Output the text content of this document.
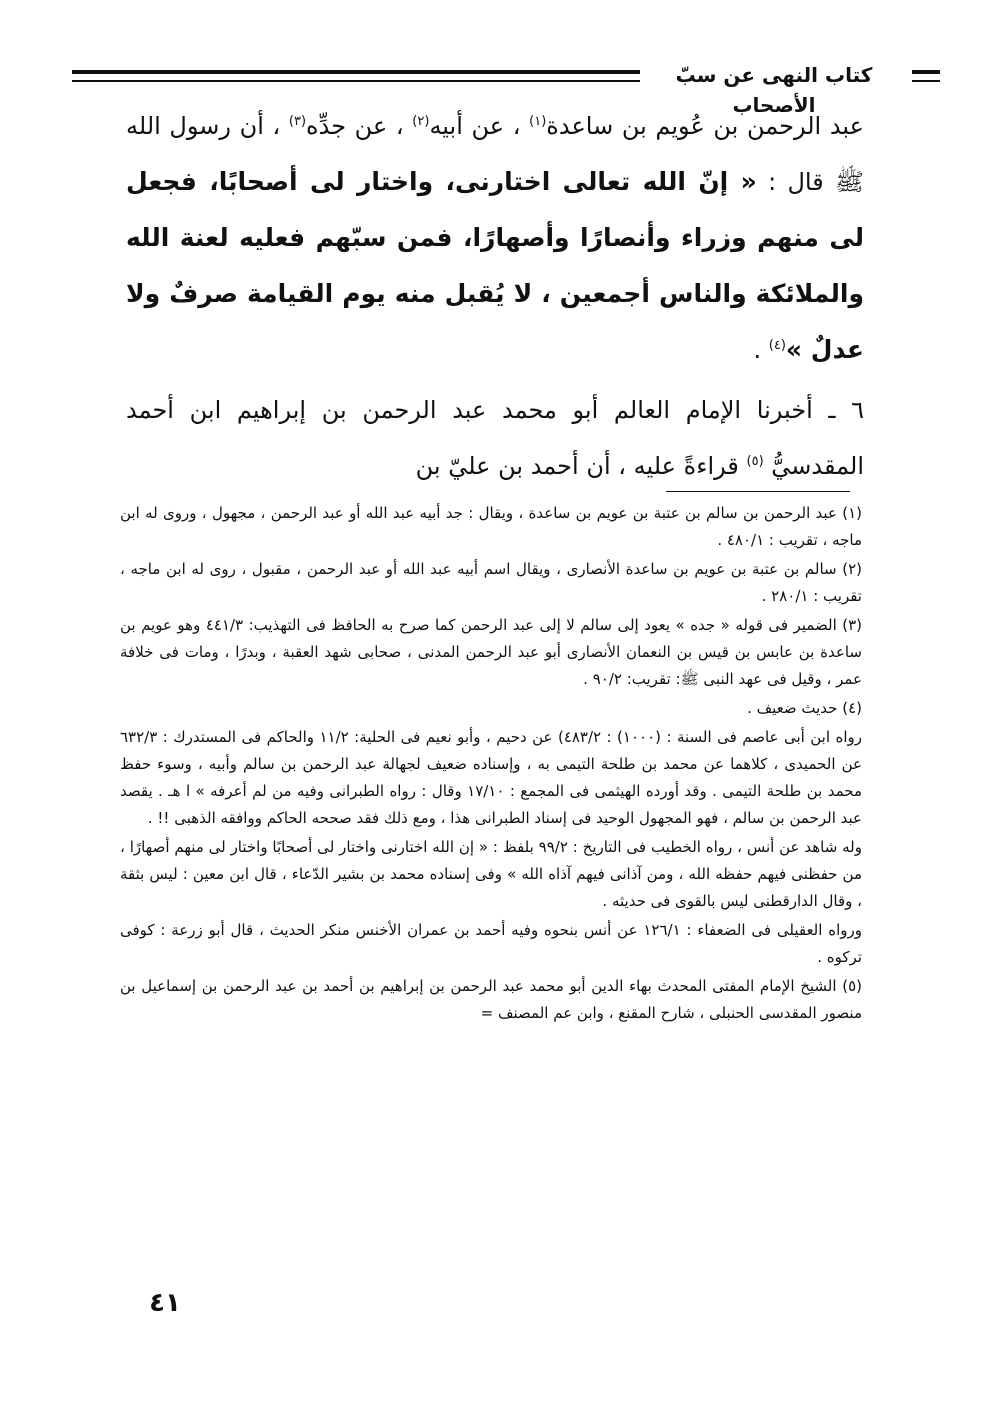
كتاب النهى عن سبّ الأصحاب

عبد الرحمن بن عُويم بن ساعدة$^{(١)}$ ، عن أبيه$^{(٢)}$ ، عن جدِّه$^{(٣)}$ ، أن رسول الله ﷺ قال : « إنّ الله تعالى اختارنى، واختار لى أصحابًا، فجعل لى منهم وزراء وأنصارًا وأصهارًا، فمن سبّهم فعليه لعنة الله والملائكة والناس أجمعين ، لا يُقبل منه يوم القيامة صرفٌ ولا عدلٌ »$^{(٤)}$ .

٦ ـ أخبرنا الإمام العالم أبو محمد عبد الرحمن بن إبراهيم ابن أحمد المقدسيُّ $^{(٥)}$ قراءةً عليه ، أن أحمد بن عليّ بن

(١) عبد الرحمن بن سالم بن عتبة بن عويم بن ساعدة ، ويقال : جد أبيه عبد الله أو عبد الرحمن ، مجهول ، وروى له ابن ماجه ، تقريب : ٤٨٠/١ .

(٢) سالم بن عتبة بن عويم بن ساعدة الأنصارى ، ويقال اسم أبيه عبد الله أو عبد الرحمن ، مقبول ، روى له ابن ماجه ، تقريب : ٢٨٠/١ .

(٣) الضمير فى قوله « جده » يعود إلى سالم لا إلى عبد الرحمن كما صرح به الحافظ فى التهذيب: ٤٤١/٣ وهو عويم بن ساعدة بن عابس بن قيس بن النعمان الأنصارى أبو عبد الرحمن المدنى ، صحابى شهد العقبة ، وبدرًا ، ومات فى خلافة عمر ، وقيل فى عهد النبى ﷺ: تقريب: ٩٠/٢ .

(٤) حديث ضعيف .

رواه ابن أبى عاصم فى السنة : (١٠٠٠) : ٤٨٣/٢) عن دحيم ، وأبو نعيم فى الحلية: ١١/٢ والحاكم فى المستدرك : ٦٣٢/٣ عن الحميدى ، كلاهما عن محمد بن طلحة التيمى به ، وإسناده ضعيف لجهالة عبد الرحمن بن سالم وأبيه ، وسوء حفظ محمد بن طلحة التيمى . وقد أورده الهيثمى فى المجمع : ١٧/١٠ وقال : رواه الطبرانى وفيه من لم أعرفه » ا هـ . يقصد عبد الرحمن بن سالم ، فهو المجهول الوحيد فى إسناد الطبرانى هذا ، ومع ذلك فقد صححه الحاكم ووافقه الذهبى !! .

وله شاهد عن أنس ، رواه الخطيب فى التاريخ : ٩٩/٢ بلفظ : « إن الله اختارنى واختار لى أصحابًا واختار لى منهم أصهارًا ، من حفظنى فيهم حفظه الله ، ومن آذانى فيهم آذاه الله » وفى إسناده محمد بن بشير الدّعاء ، قال ابن معين : ليس بثقة ، وقال الدارقطنى ليس بالقوى فى حديثه .

ورواه العقيلى فى الضعفاء : ١٢٦/١ عن أنس بنحوه وفيه أحمد بن عمران الأخنس منكر الحديث ، قال أبو زرعة : كوفى تركوه .

(٥) الشيخ الإمام المفتى المحدث بهاء الدين أبو محمد عبد الرحمن بن إبراهيم بن أحمد بن عبد الرحمن بن إسماعيل بن منصور المقدسى الحنبلى ، شارح المقنع ، وابن عم المصنف =

٤١
